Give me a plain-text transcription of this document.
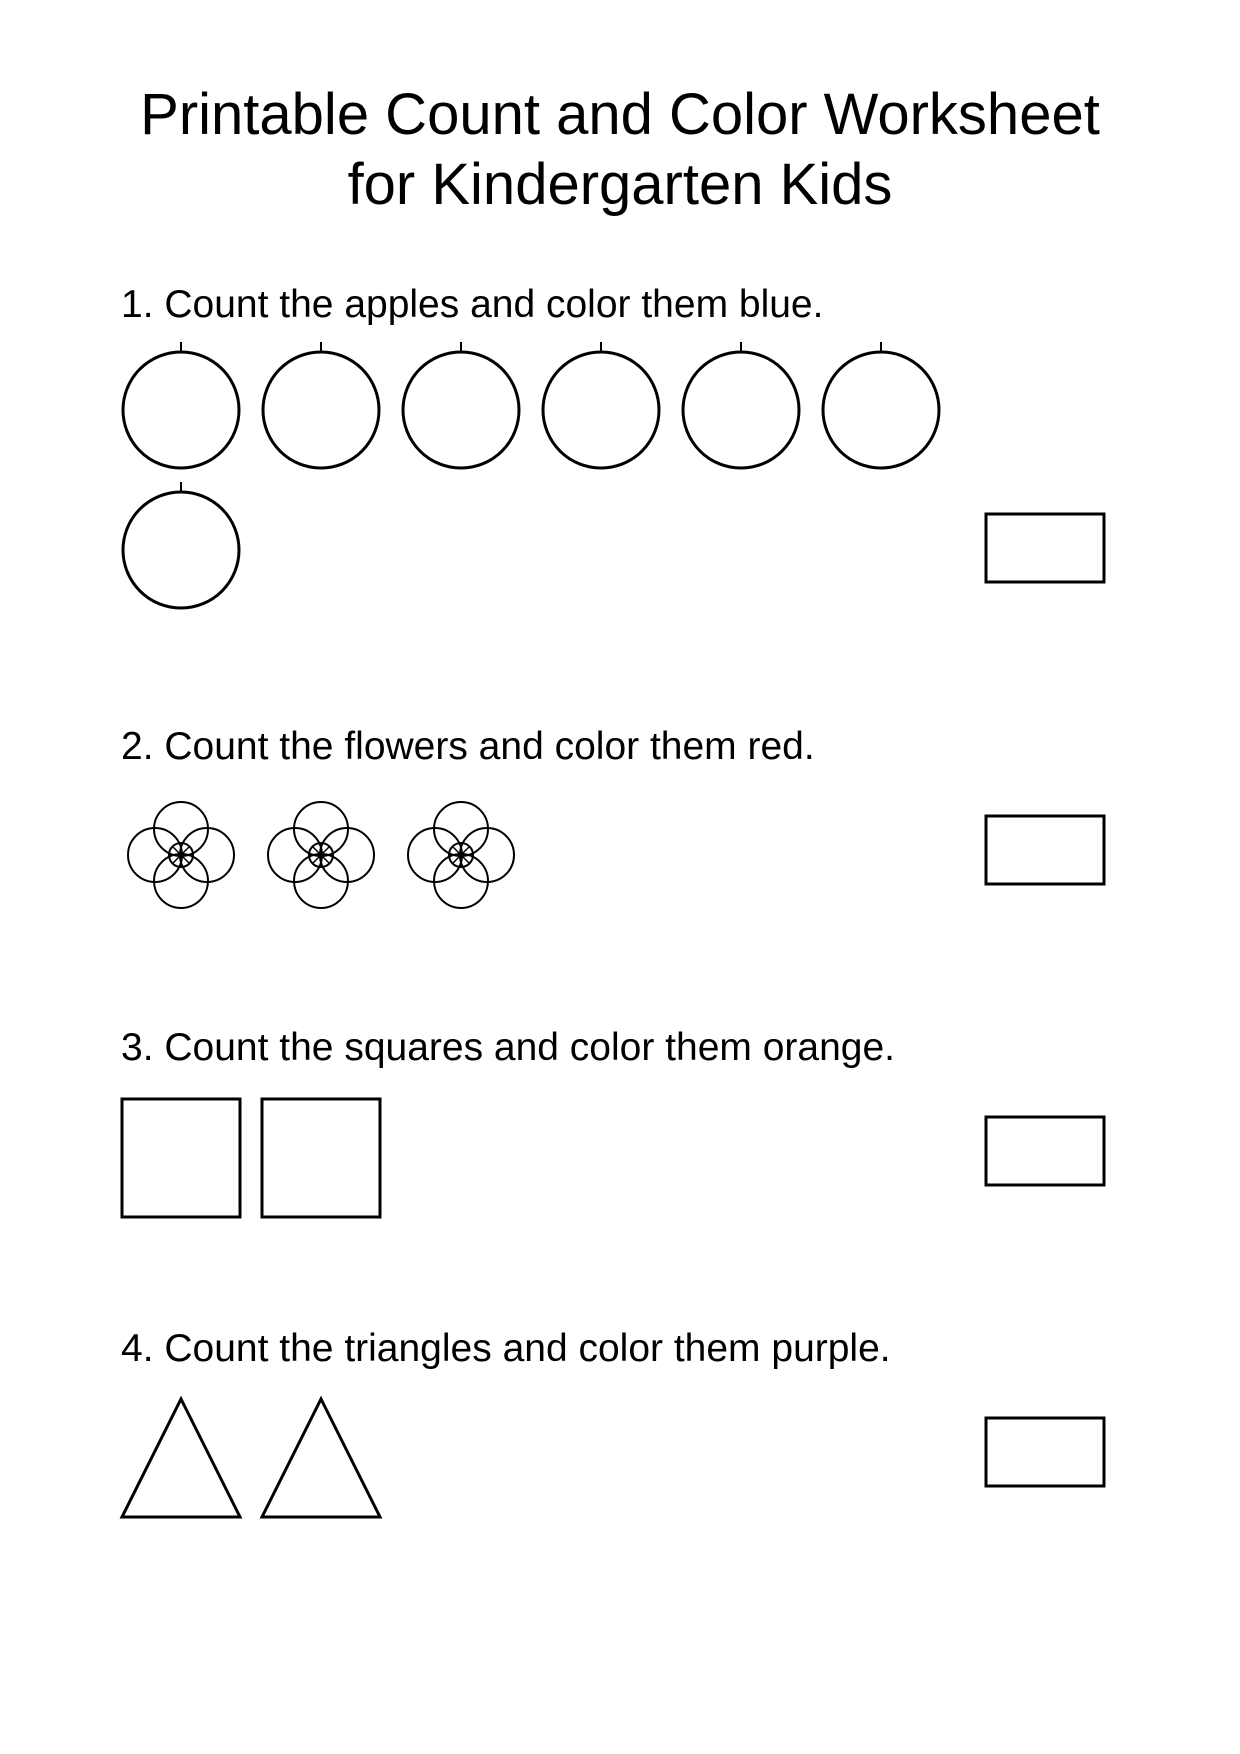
Printable Count and Color Worksheet
for Kindergarten Kids

1. Count the apples and color them blue.

2. Count the flowers and color them red.

3. Count the squares and color them orange.

4. Count the triangles and color them purple.
